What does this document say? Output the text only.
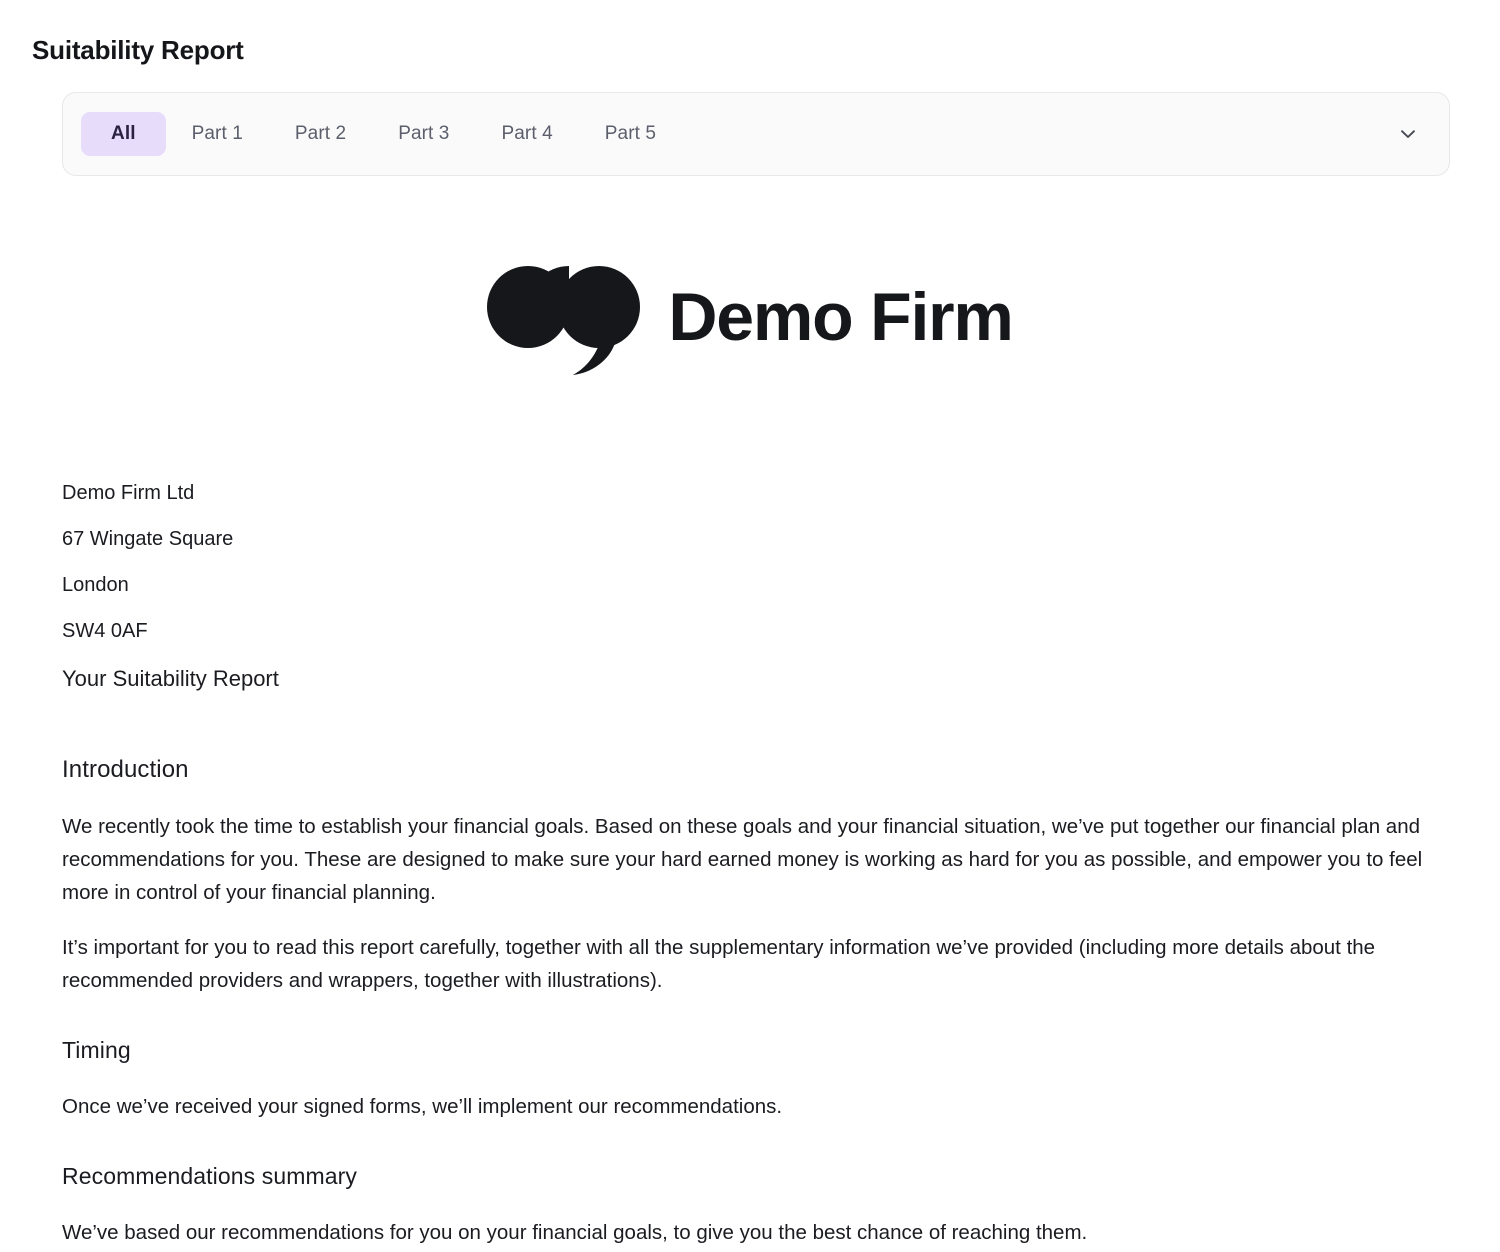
Suitability Report
All	Part 1	Part 2	Part 3	Part 4	Part 5
Demo Firm
Demo Firm Ltd
67 Wingate Square
London
SW4 0AF
Your Suitability Report
Introduction

We recently took the time to establish your financial goals. Based on these goals and your financial situation, we’ve put together our financial plan and recommendations for you. These are designed to make sure your hard earned money is working as hard for you as possible, and empower you to feel more in control of your financial planning.

It’s important for you to read this report carefully, together with all the supplementary information we’ve provided (including more details about the recommended providers and wrappers, together with illustrations).

Timing

Once we’ve received your signed forms, we’ll implement our recommendations.

Recommendations summary

We’ve based our recommendations for you on your financial goals, to give you the best chance of reaching them.
